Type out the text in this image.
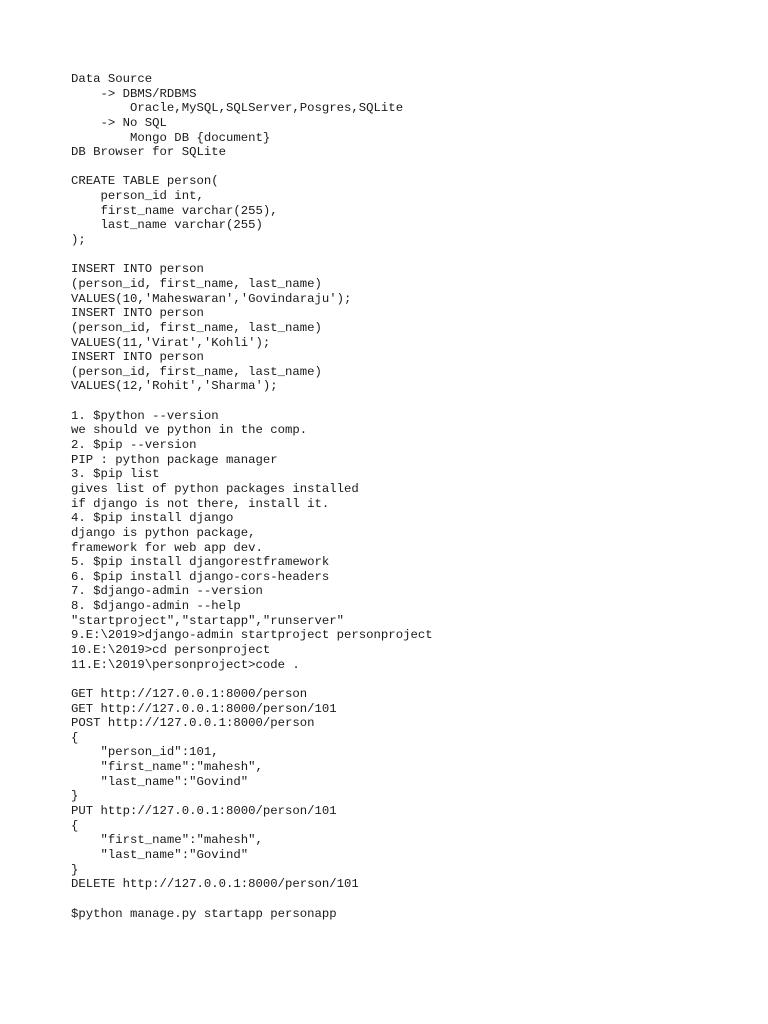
Data Source
-> DBMS/RDBMS
Oracle,MySQL,SQLServer,Posgres,SQLite
-> No SQL
Mongo DB {document}
DB Browser for SQLite
CREATE TABLE person(
person_id int,
first_name varchar(255),
last_name varchar(255)
);
INSERT INTO person
(person_id, first_name, last_name)
VALUES(10,'Maheswaran','Govindaraju');
INSERT INTO person
(person_id, first_name, last_name)
VALUES(11,'Virat','Kohli');
INSERT INTO person
(person_id, first_name, last_name)
VALUES(12,'Rohit','Sharma');
1. $python --version
we should ve python in the comp.
2. $pip --version
PIP : python package manager
3. $pip list
gives list of python packages installed
if django is not there, install it.
4. $pip install django
django is python package,
framework for web app dev.
5. $pip install djangorestframework
6. $pip install django-cors-headers
7. $django-admin --version
8. $django-admin --help
"startproject","startapp","runserver"
9.E:\2019>django-admin startproject personproject
10.E:\2019>cd personproject
11.E:\2019\personproject>code .
GET http://127.0.0.1:8000/person
GET http://127.0.0.1:8000/person/101
POST http://127.0.0.1:8000/person
{
"person_id":101,
"first_name":"mahesh",
"last_name":"Govind"
}
PUT http://127.0.0.1:8000/person/101
{
"first_name":"mahesh",
"last_name":"Govind"
}
DELETE http://127.0.0.1:8000/person/101
$python manage.py startapp personapp
